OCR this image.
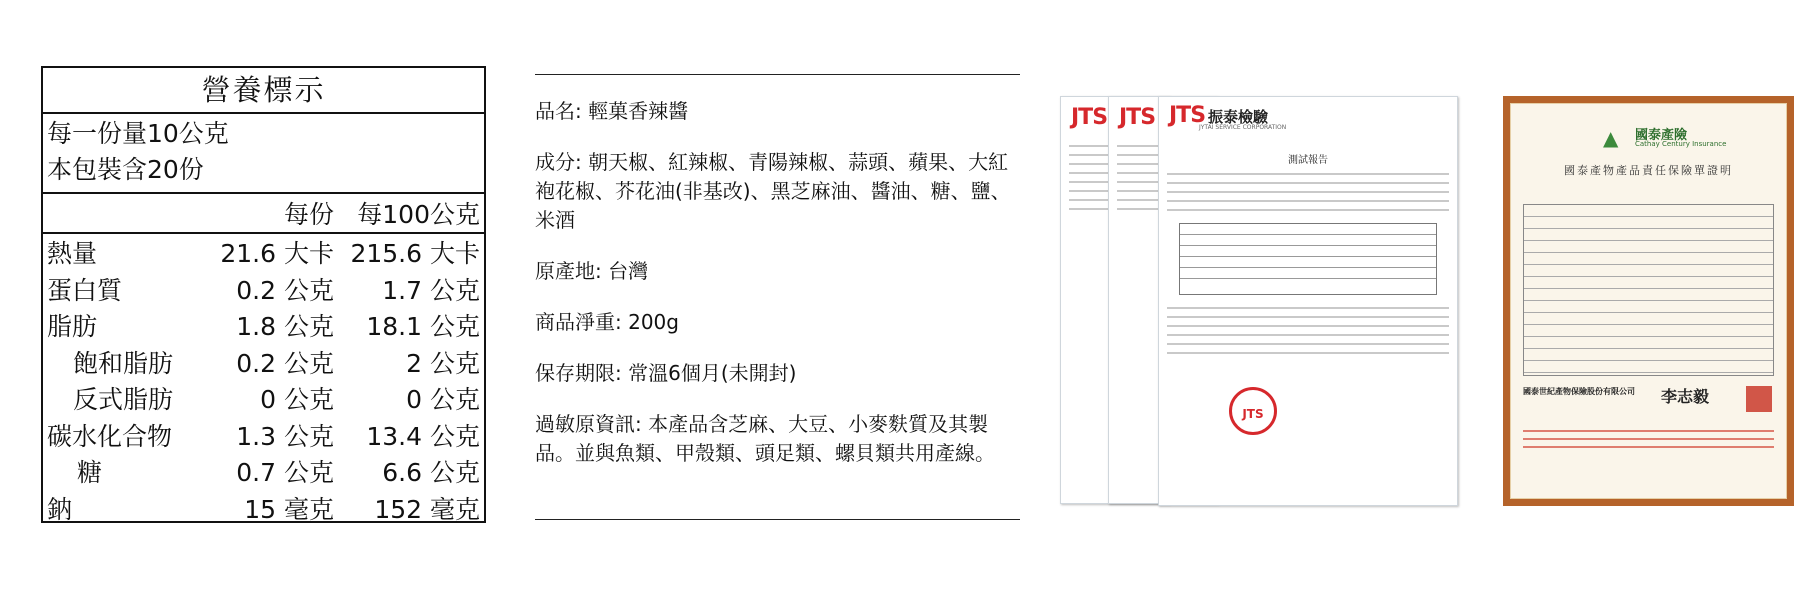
營養標示
每一份量10公克
本包裝含20份
每份 每100公克
熱量	21.6 大卡 215.6 大卡
蛋白質	0.2 公克	1.7 公克
脂肪	1.8 公克	18.1 公克
飽和脂肪	0.2 公克	2 公克
反式脂肪	0 公克	0 公克
碳水化合物	1.3 公克	13.4 公克
糖	0.7 公克	6.6 公克
鈉	15 毫克	152 毫克

品名: 輕菓香辣醬

成分: 朝天椒、紅辣椒、青陽辣椒、蒜頭、蘋果、大紅袍花椒、芥花油(非基改)、黑芝麻油、醬油、糖、鹽、米酒

原產地: 台灣

商品淨重: 200g

保存期限: 常溫6個月(未開封)

過敏原資訊: 本產品含芝麻、大豆、小麥麩質及其製品。並與魚類、甲殼類、頭足類、螺貝類共用產線。

JTS JTS JTS 振泰檢驗
JYTAI SERVICE CORPORATION
測試報告
JTS
▲ 國泰產險
Cathay Century Insurance
國泰產物產品責任保險單證明
國泰世紀產物保險股份有限公司 李志毅
